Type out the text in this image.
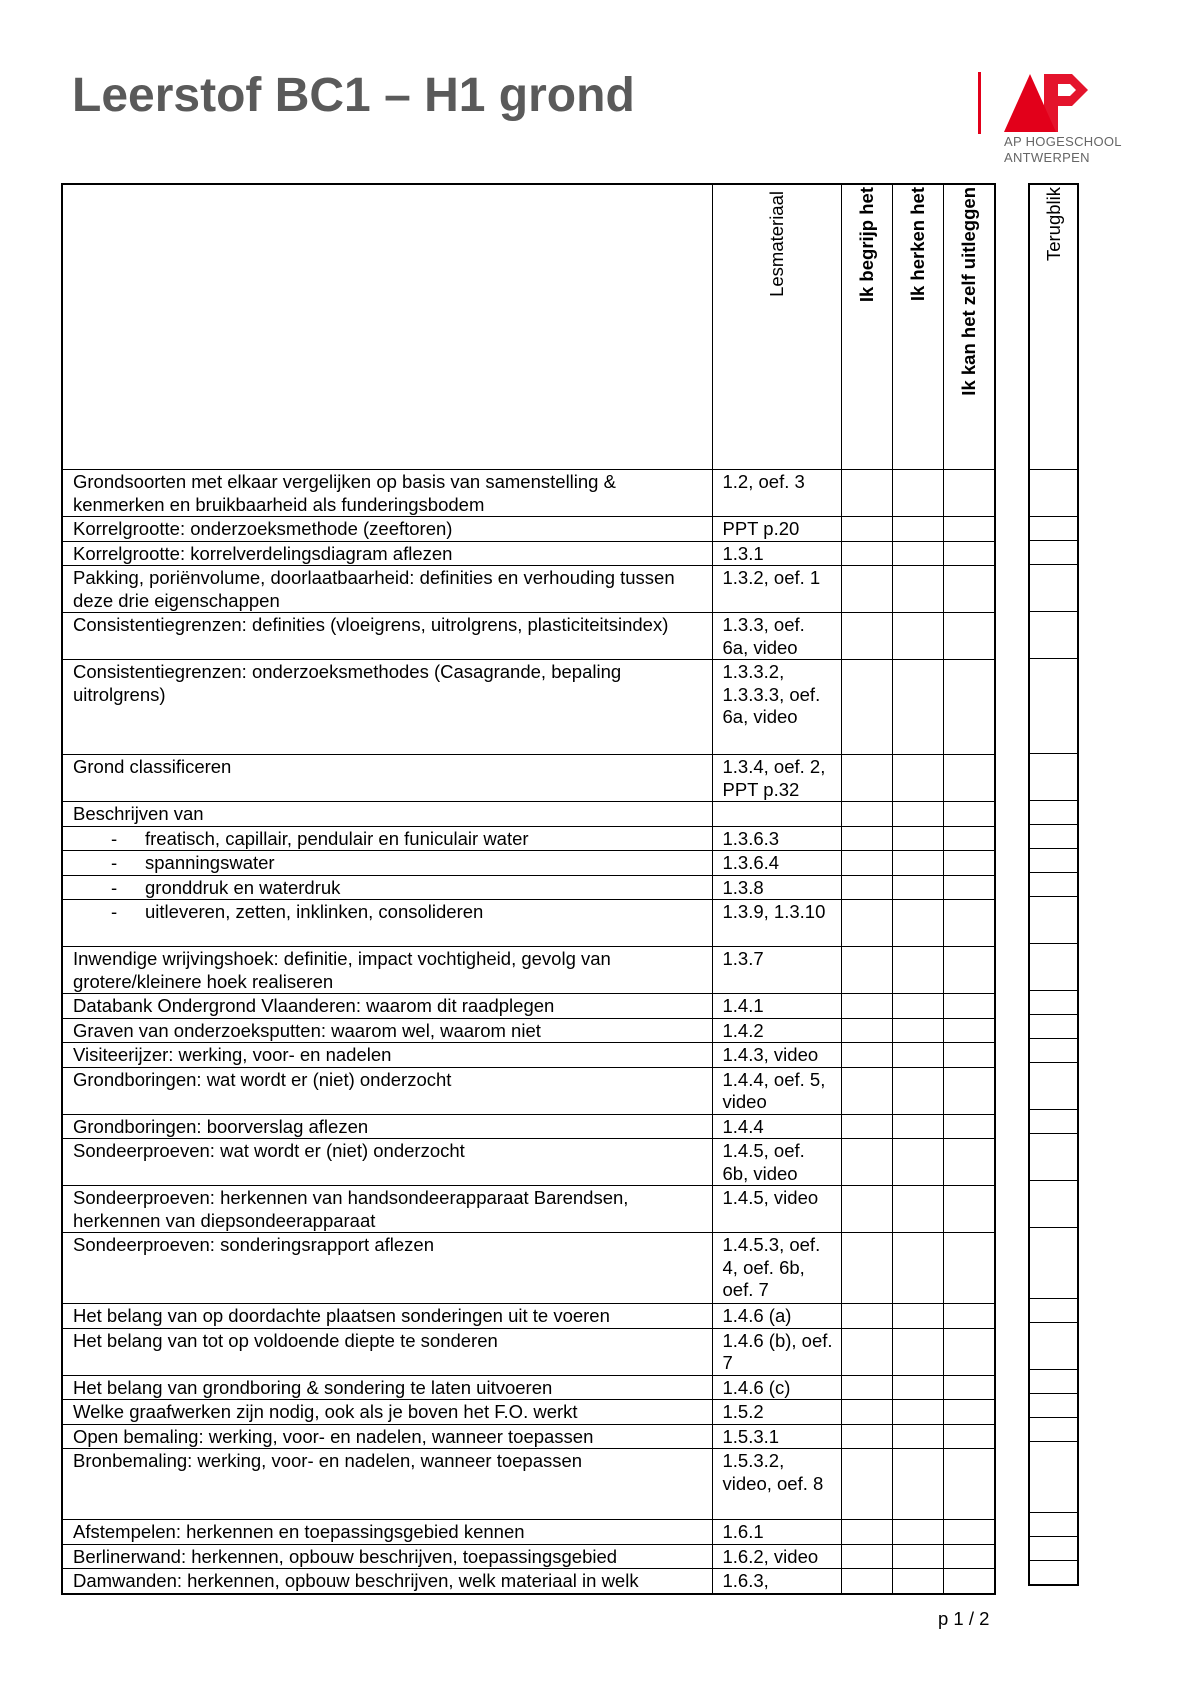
Leerstof BC1 – H1 grond
AP HOGESCHOOL
ANTWERPEN

	Lesmateriaal	Ik begrijp het	Ik herken het	Ik kan het zelf uitleggen

Grondsoorten met elkaar vergelijken op basis van samenstelling & kenmerken en bruikbaarheid als funderingsbodem	1.2, oef. 3			
Korrelgrootte: onderzoeksmethode (zeeftoren)	PPT p.20			
Korrelgrootte: korrelverdelingsdiagram aflezen	1.3.1			
Pakking, poriënvolume, doorlaatbaarheid: definities en verhouding tussen deze drie eigenschappen	1.3.2, oef. 1			
Consistentiegrenzen: definities (vloeigrens, uitrolgrens, plasticiteitsindex)	1.3.3, oef. 6a, video			
Consistentiegrenzen: onderzoeksmethodes (Casagrande, bepaling uitrolgrens)	1.3.3.2, 1.3.3.3, oef. 6a, video			
Grond classificeren	1.3.4, oef. 2, PPT p.32			
Beschrijven van				
- freatisch, capillair, pendulair en funiculair water	1.3.6.3			
- spanningswater	1.3.6.4			
- gronddruk en waterdruk	1.3.8			
- uitleveren, zetten, inklinken, consolideren	1.3.9, 1.3.10			
Inwendige wrijvingshoek: definitie, impact vochtigheid, gevolg van grotere/kleinere hoek realiseren	1.3.7			
Databank Ondergrond Vlaanderen: waarom dit raadplegen	1.4.1			
Graven van onderzoeksputten: waarom wel, waarom niet	1.4.2			
Visiteerijzer: werking, voor- en nadelen	1.4.3, video			
Grondboringen: wat wordt er (niet) onderzocht	1.4.4, oef. 5, video			
Grondboringen: boorverslag aflezen	1.4.4			
Sondeerproeven: wat wordt er (niet) onderzocht	1.4.5, oef. 6b, video			
Sondeerproeven: herkennen van handsondeerapparaat Barendsen, herkennen van diepsondeerapparaat	1.4.5, video			
Sondeerproeven: sonderingsrapport aflezen	1.4.5.3, oef. 4, oef. 6b, oef. 7			
Het belang van op doordachte plaatsen sonderingen uit te voeren	1.4.6 (a)			
Het belang van tot op voldoende diepte te sonderen	1.4.6 (b), oef. 7			
Het belang van grondboring & sondering te laten uitvoeren	1.4.6 (c)			
Welke graafwerken zijn nodig, ook als je boven het F.O. werkt	1.5.2			
Open bemaling: werking, voor- en nadelen, wanneer toepassen	1.5.3.1			
Bronbemaling: werking, voor- en nadelen, wanneer toepassen	1.5.3.2, video, oef. 8			
Afstempelen: herkennen en toepassingsgebied kennen	1.6.1			
Berlinerwand: herkennen, opbouw beschrijven, toepassingsgebied	1.6.2, video			
Damwanden: herkennen, opbouw beschrijven, welk materiaal in welk	1.6.3,			
Terugblik

p 1 / 2
